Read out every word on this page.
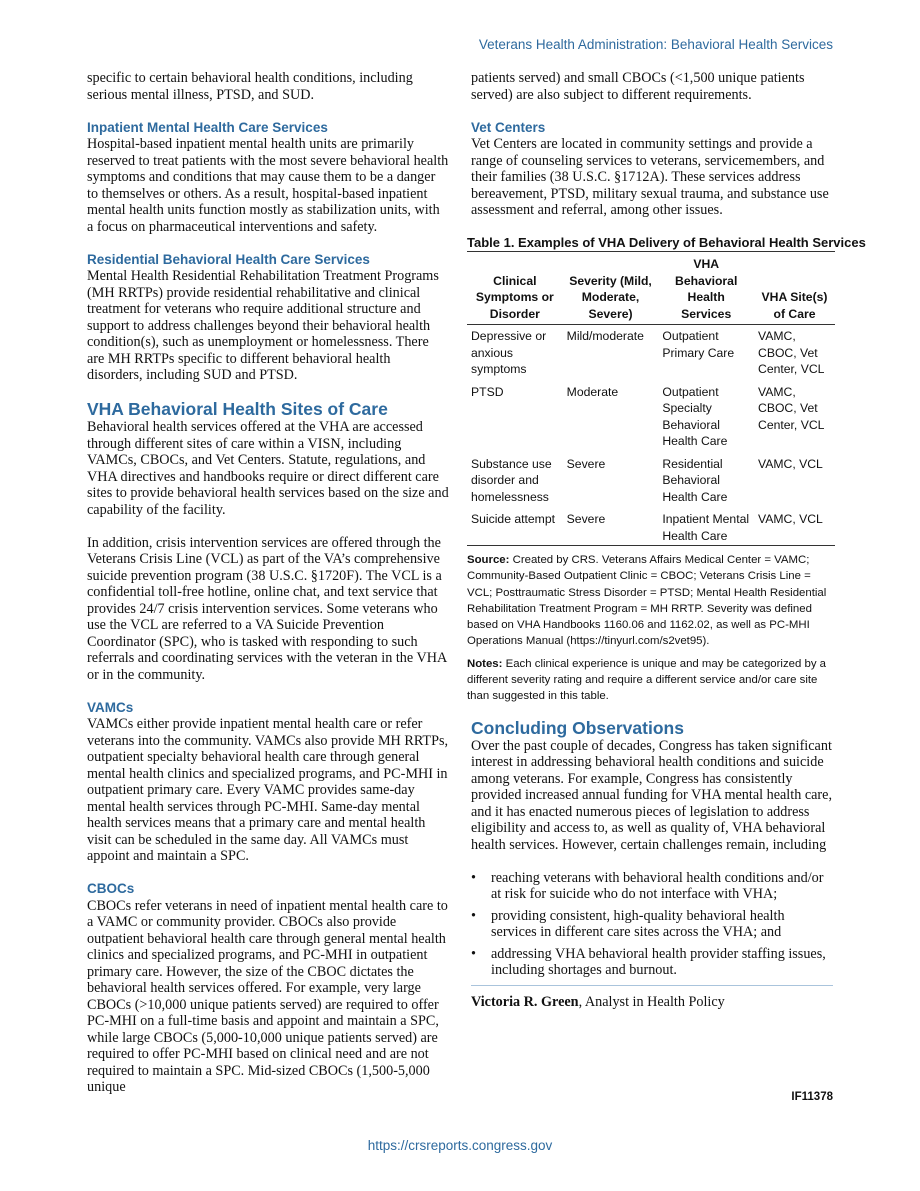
Veterans Health Administration: Behavioral Health Services

specific to certain behavioral health conditions, including serious mental illness, PTSD, and SUD.

Inpatient Mental Health Care Services
Hospital-based inpatient mental health units are primarily reserved to treat patients with the most severe behavioral health symptoms and conditions that may cause them to be a danger to themselves or others. As a result, hospital-based inpatient mental health units function mostly as stabilization units, with a focus on pharmaceutical interventions and safety.
Residential Behavioral Health Care Services
Mental Health Residential Rehabilitation Treatment Programs (MH RRTPs) provide residential rehabilitative and clinical treatment for veterans who require additional structure and support to address challenges beyond their behavioral health condition(s), such as unemployment or homelessness. There are MH RRTPs specific to different behavioral health disorders, including SUD and PTSD.
VHA Behavioral Health Sites of Care

Behavioral health services offered at the VHA are accessed through different sites of care within a VISN, including VAMCs, CBOCs, and Vet Centers. Statute, regulations, and VHA directives and handbooks require or direct different care sites to provide behavioral health services based on the size and capability of the facility.

In addition, crisis intervention services are offered through the Veterans Crisis Line (VCL) as part of the VA’s comprehensive suicide prevention program (38 U.S.C. §1720F). The VCL is a confidential toll-free hotline, online chat, and text service that provides 24/7 crisis intervention services. Some veterans who use the VCL are referred to a VA Suicide Prevention Coordinator (SPC), who is tasked with responding to such referrals and coordinating services with the veteran in the VHA or in the community.

VAMCs
VAMCs either provide inpatient mental health care or refer veterans into the community. VAMCs also provide MH RRTPs, outpatient specialty behavioral health care through general mental health clinics and specialized programs, and PC-MHI in outpatient primary care. Every VAMC provides same-day mental health services through PC-MHI. Same-day mental health services means that a primary care and mental health visit can be scheduled in the same day. All VAMCs must appoint and maintain a SPC.
CBOCs
CBOCs refer veterans in need of inpatient mental health care to a VAMC or community provider. CBOCs also provide outpatient behavioral health care through general mental health clinics and specialized programs, and PC-MHI in outpatient primary care. However, the size of the CBOC dictates the behavioral health services offered. For example, very large CBOCs (>10,000 unique patients served) are required to offer PC-MHI on a full-time basis and appoint and maintain a SPC, while large CBOCs (5,000-10,000 unique patients served) are required to offer PC-MHI based on clinical need and are not required to maintain a SPC. Mid-sized CBOCs (1,500-5,000 unique

patients served) and small CBOCs (<1,500 unique patients served) are also subject to different requirements.

Vet Centers
Vet Centers are located in community settings and provide a range of counseling services to veterans, servicemembers, and their families (38 U.S.C. §1712A). These services address bereavement, PTSD, military sexual trauma, and substance use assessment and referral, among other issues.
Table 1. Examples of VHA Delivery of Behavioral Health Services
Clinical Symptoms or Disorder	Severity (Mild, Moderate, Severe)	VHA Behavioral Health Services	VHA Site(s) of Care
Depressive or anxious symptoms	Mild/moderate	Outpatient Primary Care	VAMC, CBOC, Vet Center, VCL
PTSD	Moderate	Outpatient Specialty Behavioral Health Care	VAMC, CBOC, Vet Center, VCL
Substance use disorder and homelessness	Severe	Residential Behavioral Health Care	VAMC, VCL
Suicide attempt	Severe	Inpatient Mental Health Care	VAMC, VCL
Source: Created by CRS. Veterans Affairs Medical Center = VAMC; Community-Based Outpatient Clinic = CBOC; Veterans Crisis Line = VCL; Posttraumatic Stress Disorder = PTSD; Mental Health Residential Rehabilitation Treatment Program = MH RRTP. Severity was defined based on VHA Handbooks 1160.06 and 1162.02, as well as PC-MHI Operations Manual (https://tinyurl.com/s2vet95).
Notes: Each clinical experience is unique and may be categorized by a different severity rating and require a different service and/or care site than suggested in this table.
Concluding Observations

Over the past couple of decades, Congress has taken significant interest in addressing behavioral health conditions and suicide among veterans. For example, Congress has consistently provided increased annual funding for VHA mental health care, and it has enacted numerous pieces of legislation to address eligibility and access to, as well as quality of, VHA behavioral health services. However, certain challenges remain, including

• reaching veterans with behavioral health conditions and/or at risk for suicide who do not interface with VHA;
• providing consistent, high-quality behavioral health services in different care sites across the VHA; and
• addressing VHA behavioral health provider staffing issues, including shortages and burnout.
Victoria R. Green, Analyst in Health Policy
IF11378
https://crsreports.congress.gov
